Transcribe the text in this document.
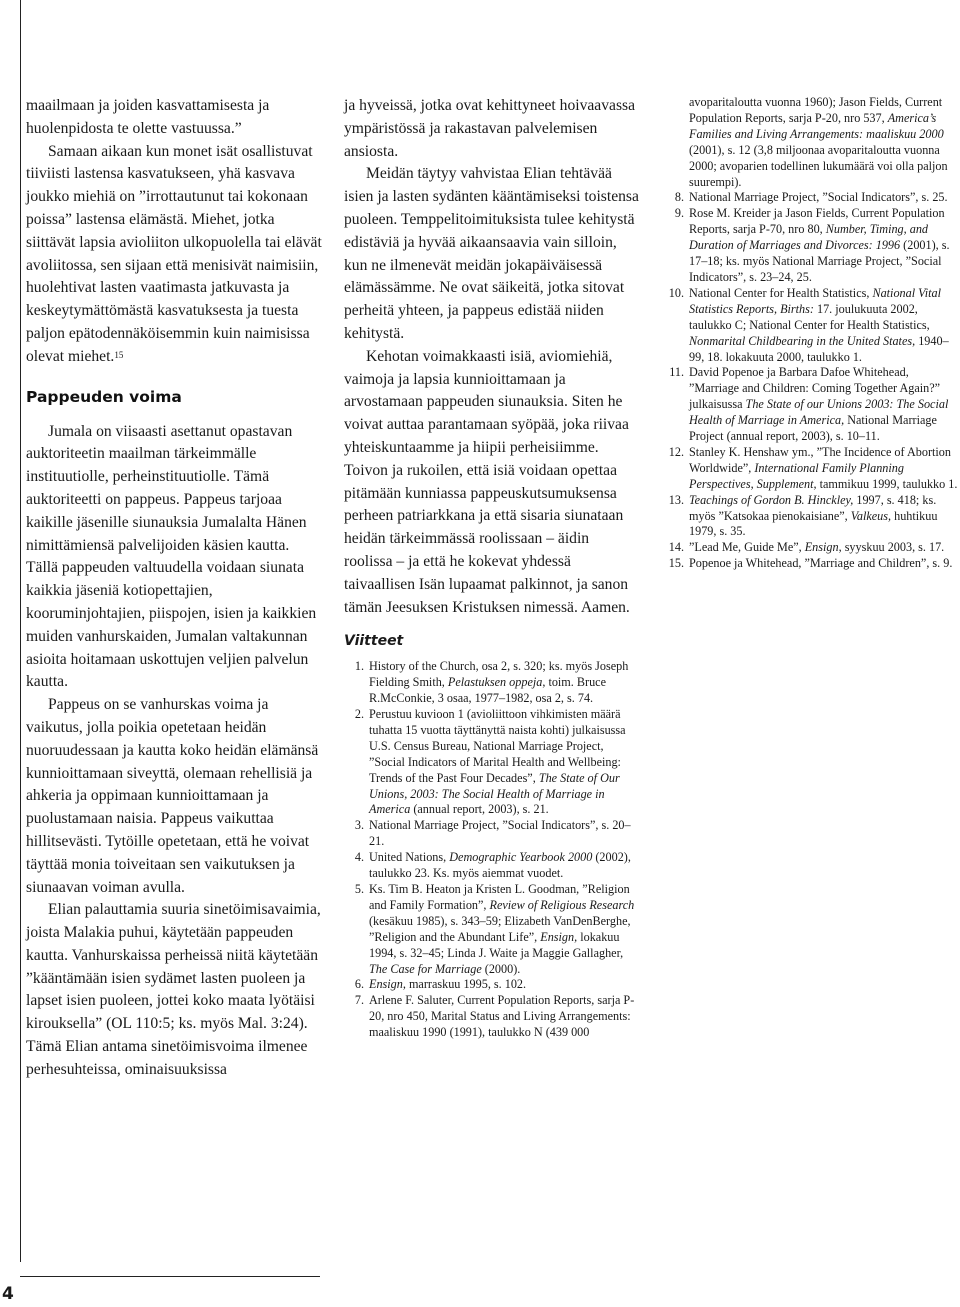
4

maailmaan ja joiden kasvattamisesta ja huolenpidosta te olette vastuussa.”

Samaan aikaan kun monet isät osallistuvat tiiviisti lastensa kasvatukseen, yhä kasvava joukko miehiä on ”irrottautunut tai kokonaan poissa” lastensa elämästä. Miehet, jotka siittävät lapsia avioliiton ulkopuolella tai elävät avoliitossa, sen sijaan että menisivät naimisiin, huolehtivat lasten vaatimasta jatkuvasta ja keskeytymättömästä kasvatuksesta ja tuesta paljon epätodennäköisemmin kuin naimisissa olevat miehet.$^{15}$

Pappeuden voima

Jumala on viisaasti asettanut opastavan auktoriteetin maailman tärkeimmälle instituutiolle, perheinstituutiolle. Tämä auktoriteetti on pappeus. Pappeus tarjoaa kaikille jäsenille siunauksia Jumalalta Hänen nimittämiensä palvelijoiden käsien kautta. Tällä pappeuden valtuudella voidaan siunata kaikkia jäseniä kotiopettajien, kooruminjohtajien, piispojen, isien ja kaikkien muiden vanhurskaiden, Jumalan valtakunnan asioita hoitamaan uskottujen veljien palvelun kautta.

Pappeus on se vanhurskas voima ja vaikutus, jolla poikia opetetaan heidän nuoruudessaan ja kautta koko heidän elämänsä kunnioittamaan siveyttä, olemaan rehellisiä ja ahkeria ja oppimaan kunnioittamaan ja puolustamaan naisia. Pappeus vaikuttaa hillitsevästi. Tytöille opetetaan, että he voivat täyttää monia toiveitaan sen vaikutuksen ja siunaavan voiman avulla.

Elian palauttamia suuria sinetöimisavaimia, joista Malakia puhui, käytetään pappeuden kautta. Vanhurskaissa perheissä niitä käytetään ”kääntämään isien sydämet lasten puoleen ja lapset isien puoleen, jottei koko maata lyötäisi kirouksella” (OL 110:5; ks. myös Mal. 3:24). Tämä Elian antama sinetöimisvoima ilmenee perhesuhteissa, ominaisuuksissa

ja hyveissä, jotka ovat kehittyneet hoivaavassa ympäristössä ja rakastavan palvelemisen ansiosta.

Meidän täytyy vahvistaa Elian tehtävää isien ja lasten sydänten kääntämiseksi toistensa puoleen. Temppelitoimituksista tulee kehitystä edistäviä ja hyvää aikaansaavia vain silloin, kun ne ilmenevät meidän jokapäiväisessä elämässämme. Ne ovat säikeitä, jotka sitovat perheitä yhteen, ja pappeus edistää niiden kehitystä.

Kehotan voimakkaasti isiä, aviomiehiä, vaimoja ja lapsia kunnioittamaan ja arvostamaan pappeuden siunauksia. Siten he voivat auttaa parantamaan syöpää, joka riivaa yhteiskuntaamme ja hiipii perheisiimme. Toivon ja rukoilen, että isiä voidaan opettaa pitämään kunniassa pappeuskutsumuksensa perheen patriarkkana ja että sisaria siunataan heidän tärkeimmässä roolissaan – äidin roolissa – ja että he kokevat yhdessä taivaallisen Isän lupaamat palkinnot, ja sanon tämän Jeesuksen Kristuksen nimessä. Aamen.

Viitteet
1. History of the Church, osa 2, s. 320; ks. myös Joseph Fielding Smith, Pelastuksen oppeja, toim. Bruce R.McConkie, 3 osaa, 1977–1982, osa 2, s. 74.
2. Perustuu kuvioon 1 (avioliittoon vihkimisten määrä tuhatta 15 vuotta täyttänyttä naista kohti) julkaisussa U.S. Census Bureau, National Marriage Project, ”Social Indicators of Marital Health and Wellbeing: Trends of the Past Four Decades”, The State of Our Unions, 2003: The Social Health of Marriage in America (annual report, 2003), s. 21.
3. National Marriage Project, ”Social Indicators”, s. 20–21.
4. United Nations, Demographic Yearbook 2000 (2002), taulukko 23. Ks. myös aiemmat vuodet.
5. Ks. Tim B. Heaton ja Kristen L. Goodman, ”Religion and Family Formation”, Review of Religious Research (kesäkuu 1985), s. 343–59; Elizabeth VanDenBerghe, ”Religion and the Abundant Life”, Ensign, lokakuu 1994, s. 32–45; Linda J. Waite ja Maggie Gallagher, The Case for Marriage (2000).
6. Ensign, marraskuu 1995, s. 102.
7. Arlene F. Saluter, Current Population Reports, sarja P-20, nro 450, Marital Status and Living Arrangements: maaliskuu 1990 (1991), taulukko N (439 000
avoparitaloutta vuonna 1960); Jason Fields, Current Population Reports, sarja P-20, nro 537, America’s Families and Living Arrangements: maaliskuu 2000 (2001), s. 12 (3,8 miljoonaa avoparitaloutta vuonna 2000; avoparien todellinen lukumäärä voi olla paljon suurempi).
8. National Marriage Project, ”Social Indicators”, s. 25.
9. Rose M. Kreider ja Jason Fields, Current Population Reports, sarja P-70, nro 80, Number, Timing, and Duration of Marriages and Divorces: 1996 (2001), s. 17–18; ks. myös National Marriage Project, ”Social Indicators”, s. 23–24, 25.
10. National Center for Health Statistics, National Vital Statistics Reports, Births: 17. joulukuuta 2002, taulukko C; National Center for Health Statistics, Nonmarital Childbearing in the United States, 1940–99, 18. lokakuuta 2000, taulukko 1.
11. David Popenoe ja Barbara Dafoe Whitehead, ”Marriage and Children: Coming Together Again?” julkaisussa The State of our Unions 2003: The Social Health of Marriage in America, National Marriage Project (annual report, 2003), s. 10–11.
12. Stanley K. Henshaw ym., ”The Incidence of Abortion Worldwide”, International Family Planning Perspectives, Supplement, tammikuu 1999, taulukko 1.
13. Teachings of Gordon B. Hinckley, 1997, s. 418; ks. myös ”Katsokaa pienokaisiane”, Valkeus, huhtikuu 1979, s. 35.
14. ”Lead Me, Guide Me”, Ensign, syyskuu 2003, s. 17.
15. Popenoe ja Whitehead, ”Marriage and Children”, s. 9.
